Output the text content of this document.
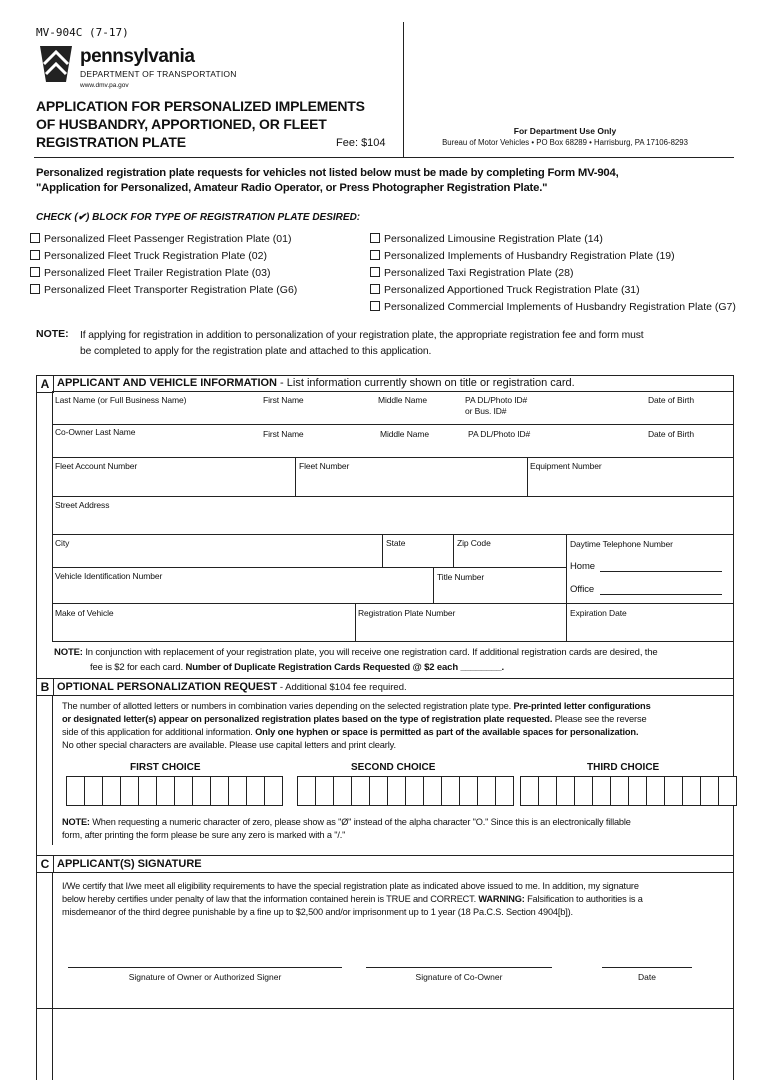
MV-904C (7-17)
pennsylvania
DEPARTMENT OF TRANSPORTATION
www.dmv.pa.gov
APPLICATION FOR PERSONALIZED IMPLEMENTS
OF HUSBANDRY, APPORTIONED, OR FLEET
REGISTRATION PLATE	Fee: $104
For Department Use Only
Bureau of Motor Vehicles • PO Box 68289 • Harrisburg, PA 17106-8293
Personalized registration plate requests for vehicles not listed below must be made by completing Form MV-904,
"Application for Personalized, Amateur Radio Operator, or Press Photographer Registration Plate."
CHECK (✔) BLOCK FOR TYPE OF REGISTRATION PLATE DESIRED:
Personalized Fleet Passenger Registration Plate (01)
Personalized Fleet Truck Registration Plate (02)
Personalized Fleet Trailer Registration Plate (03)
Personalized Fleet Transporter Registration Plate (G6)
Personalized Limousine Registration Plate (14)
Personalized Implements of Husbandry Registration Plate (19)
Personalized Taxi Registration Plate (28)
Personalized Apportioned Truck Registration Plate (31)
Personalized Commercial Implements of Husbandry Registration Plate (G7)
NOTE: If applying for registration in addition to personalization of your registration plate, the appropriate registration fee and form must
be completed to apply for the registration plate and attached to this application.
A APPLICANT AND VEHICLE INFORMATION - List information currently shown on title or registration card.
Last Name (or Full Business Name)	First Name	Middle Name	PA DL/Photo ID#
or Bus. ID#
Date of Birth
Co-Owner Last Name	First Name	Middle Name	PA DL/Photo ID#	Date of Birth
Fleet Account Number	Fleet Number	Equipment Number
Street Address
City	State	Zip Code	Daytime Telephone Number
Home
Office
Vehicle Identification Number	Title Number
Make of Vehicle	Registration Plate Number	Expiration Date
NOTE: In conjunction with replacement of your registration plate, you will receive one registration card. If additional registration cards are desired, the
fee is $2 for each card. Number of Duplicate Registration Cards Requested @ $2 each ________.
B OPTIONAL PERSONALIZATION REQUEST - Additional $104 fee required.
The number of allotted letters or numbers in combination varies depending on the selected registration plate type. Pre-printed letter configurations
or designated letter(s) appear on personalized registration plates based on the type of registration plate requested. Please see the reverse
side of this application for additional information. Only one hyphen or space is permitted as part of the available spaces for personalization.
No other special characters are available. Please use capital letters and print clearly.
FIRST CHOICE	SECOND CHOICE	THIRD CHOICE
NOTE: When requesting a numeric character of zero, please show as "Ø" instead of the alpha character "O." Since this is an electronically fillable
form, after printing the form please be sure any zero is marked with a "/."
C APPLICANT(S) SIGNATURE
I/We certify that I/we meet all eligibility requirements to have the special registration plate as indicated above issued to me. In addition, my signature
below hereby certifies under penalty of law that the information contained herein is TRUE and CORRECT. WARNING: Falsification to authorities is a
misdemeanor of the third degree punishable by a fine up to $2,500 and/or imprisonment up to 1 year (18 Pa.C.S. Section 4904[b]).
Signature of Owner or Authorized Signer	Signature of Co-Owner	Date
